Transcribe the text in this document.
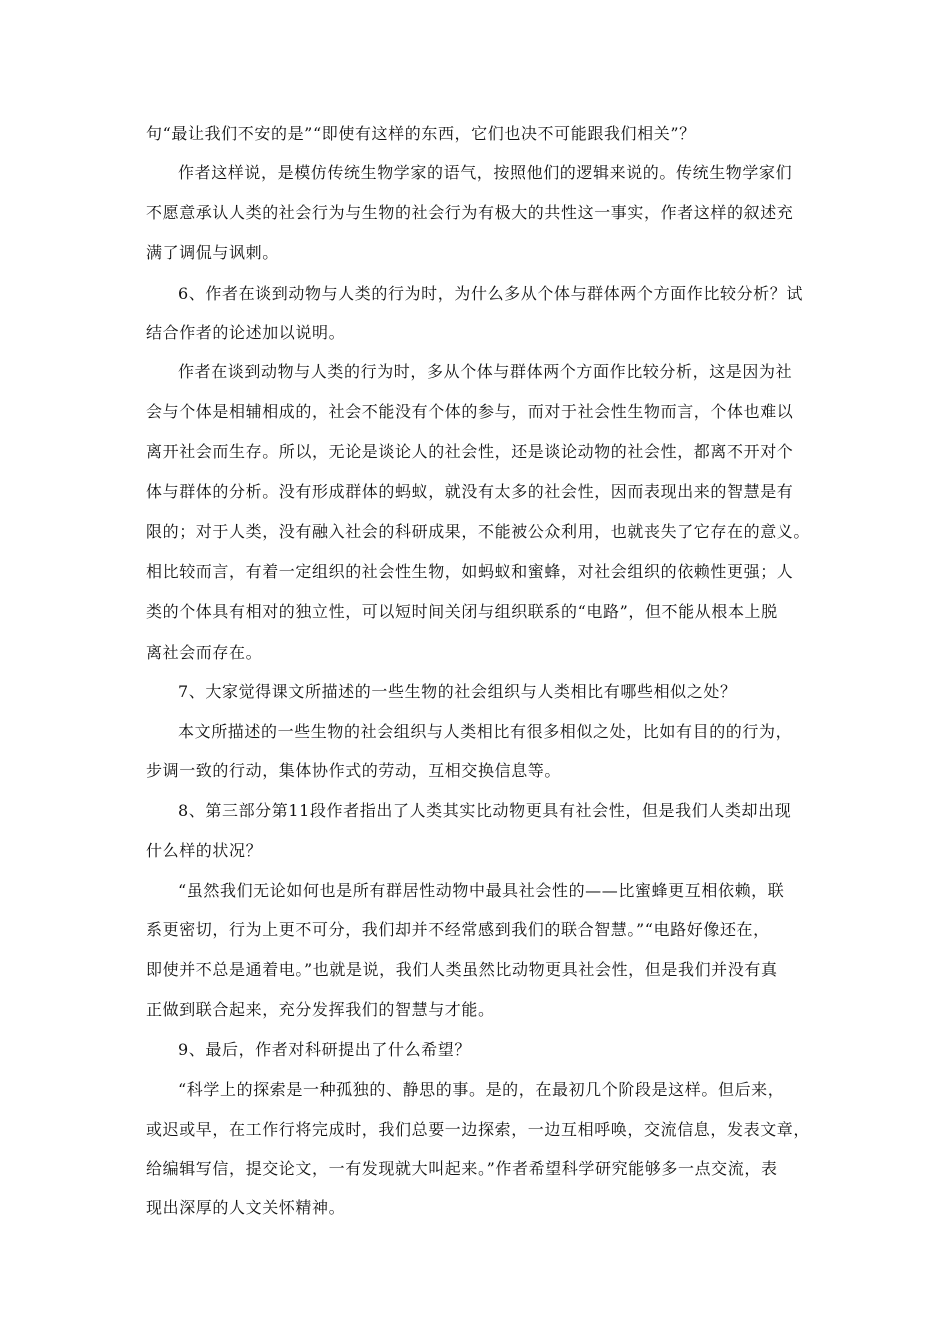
句“最让我们不安的是”“即使有这样的东西，它们也决不可能跟我们相关”？
作者这样说，是模仿传统生物学家的语气，按照他们的逻辑来说的。传统生物学家们
不愿意承认人类的社会行为与生物的社会行为有极大的共性这一事实，作者这样的叙述充
满了调侃与讽刺。
6、作者在谈到动物与人类的行为时，为什么多从个体与群体两个方面作比较分析？试
结合作者的论述加以说明。
作者在谈到动物与人类的行为时，多从个体与群体两个方面作比较分析，这是因为社
会与个体是相辅相成的，社会不能没有个体的参与，而对于社会性生物而言，个体也难以
离开社会而生存。所以，无论是谈论人的社会性，还是谈论动物的社会性，都离不开对个
体与群体的分析。没有形成群体的蚂蚁，就没有太多的社会性，因而表现出来的智慧是有
限的；对于人类，没有融入社会的科研成果，不能被公众利用，也就丧失了它存在的意义。
相比较而言，有着一定组织的社会性生物，如蚂蚁和蜜蜂，对社会组织的依赖性更强；人
类的个体具有相对的独立性，可以短时间关闭与组织联系的“电路”，但不能从根本上脱
离社会而存在。
7、大家觉得课文所描述的一些生物的社会组织与人类相比有哪些相似之处？
本文所描述的一些生物的社会组织与人类相比有很多相似之处，比如有目的的行为，
步调一致的行动，集体协作式的劳动，互相交换信息等。
8、第三部分第11段作者指出了人类其实比动物更具有社会性，但是我们人类却出现
什么样的状况？
“虽然我们无论如何也是所有群居性动物中最具社会性的——比蜜蜂更互相依赖，联
系更密切，行为上更不可分，我们却并不经常感到我们的联合智慧。”“电路好像还在，
即使并不总是通着电。”也就是说，我们人类虽然比动物更具社会性，但是我们并没有真
正做到联合起来，充分发挥我们的智慧与才能。
9、最后，作者对科研提出了什么希望？
“科学上的探索是一种孤独的、静思的事。是的，在最初几个阶段是这样。但后来，
或迟或早，在工作行将完成时，我们总要一边探索，一边互相呼唤，交流信息，发表文章，
给编辑写信，提交论文，一有发现就大叫起来。”作者希望科学研究能够多一点交流，表
现出深厚的人文关怀精神。
